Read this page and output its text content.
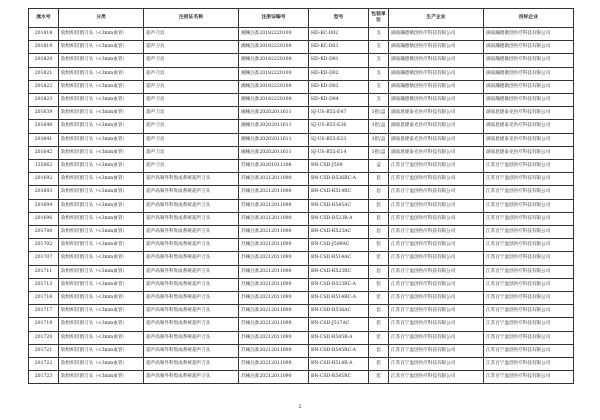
流水号	分类	注册证名称	注册证编号	型号	包装单位	生产企业	投标企业
201818	软组织切割刀头（<3mm血管）	超声刀具	湘械注准20182220100	HD-KC-D02	支	湖南瀚德微创医疗科技有限公司	湖南瀚德微创医疗科技有限公司
201819	软组织切割刀头（<3mm血管）	超声刀具	湘械注准20182220100	HD-KC-D03	支	湖南瀚德微创医疗科技有限公司	湖南瀚德微创医疗科技有限公司
201820	软组织切割刀头（<3mm血管）	超声刀具	湘械注准20182220100	HD-KD-D01	支	湖南瀚德微创医疗科技有限公司	湖南瀚德微创医疗科技有限公司
201821	软组织切割刀头（<3mm血管）	超声刀具	湘械注准20182220100	HD-KD-D02	支	湖南瀚德微创医疗科技有限公司	湖南瀚德微创医疗科技有限公司
201822	软组织切割刀头（<3mm血管）	超声刀具	湘械注准20182220100	HD-KD-D03	支	湖南瀚德微创医疗科技有限公司	湖南瀚德微创医疗科技有限公司
201823	软组织切割刀头（<3mm血管）	超声刀具	湘械注准20182220100	HD-KD-D04	支	湖南瀚德微创医疗科技有限公司	湖南瀚德微创医疗科技有限公司
201639	软组织切割刀头（<3mm血管）	超声刀具	湘械注准20202011611	SJ-US-B55-E47	1把/盒	湖南思捷泰克医疗科技有限公司	湖南思捷泰克医疗科技有限公司
201640	软组织切割刀头（<3mm血管）	超声刀具	湘械注准20202011611	SJ-US-B55-E36	1把/盒	湖南思捷泰克医疗科技有限公司	湖南思捷泰克医疗科技有限公司
201641	软组织切割刀头（<3mm血管）	超声刀具	湘械注准20202011611	SJ-US-B55-E23	1把/盒	湖南思捷泰克医疗科技有限公司	湖南思捷泰克医疗科技有限公司
201642	软组织切割刀头（<3mm血管）	超声刀具	湘械注准20202011611	SJ-US-B55-E14	1把/盒	湖南思捷泰克医疗科技有限公司	湖南思捷泰克医疗科技有限公司
135062	软组织切割刀头（<3mm血管）	超声刀具	苏械注准20201011306	BN-CSD-J509	盒	江苏百宁盈创医疗科技有限公司	江苏百宁盈创医疗科技有限公司
201692	软组织切割刀头（<3mm血管）	超声高频外科集成系统超声刀头	苏械注准20212011090	BN-CSD-R536RC-A	套	江苏百宁盈创医疗科技有限公司	江苏百宁盈创医疗科技有限公司
201693	软组织切割刀头（<3mm血管）	超声高频外科集成系统超声刀头	苏械注准20212011090	BN-CSD-R514RC	套	江苏百宁盈创医疗科技有限公司	江苏百宁盈创医疗科技有限公司
201694	软组织切割刀头（<3mm血管）	超声高频外科集成系统超声刀头	苏械注准20212011090	BN-CSD-R545AC	套	江苏百宁盈创医疗科技有限公司	江苏百宁盈创医疗科技有限公司
201696	软组织切割刀头（<3mm血管）	超声高频外科集成系统超声刀头	苏械注准20212011090	BN-CSD-R523R-A	套	江苏百宁盈创医疗科技有限公司	江苏百宁盈创医疗科技有限公司
201700	软组织切割刀头（<3mm血管）	超声高频外科集成系统超声刀头	苏械注准20212011090	BN-CSD-R523AC	套	江苏百宁盈创医疗科技有限公司	江苏百宁盈创医疗科技有限公司
201702	软组织切割刀头（<3mm血管）	超声高频外科集成系统超声刀头	苏械注准20212011090	BN-CSD-J509AC	套	江苏百宁盈创医疗科技有限公司	江苏百宁盈创医疗科技有限公司
201707	软组织切割刀头（<3mm血管）	超声高频外科集成系统超声刀头	苏械注准20212011090	BN-CSD-R514AC	套	江苏百宁盈创医疗科技有限公司	江苏百宁盈创医疗科技有限公司
201711	软组织切割刀头（<3mm血管）	超声高频外科集成系统超声刀头	苏械注准20212011090	BN-CSD-R523RC	套	江苏百宁盈创医疗科技有限公司	江苏百宁盈创医疗科技有限公司
201713	软组织切割刀头（<3mm血管）	超声高频外科集成系统超声刀头	苏械注准20212011090	BN-CSD-R523RC-A	套	江苏百宁盈创医疗科技有限公司	江苏百宁盈创医疗科技有限公司
201716	软组织切割刀头（<3mm血管）	超声高频外科集成系统超声刀头	苏械注准20212011090	BN-CSD-R514RC-A	套	江苏百宁盈创医疗科技有限公司	江苏百宁盈创医疗科技有限公司
201717	软组织切割刀头（<3mm血管）	超声高频外科集成系统超声刀头	苏械注准20212011090	BN-CSD-R536AC	套	江苏百宁盈创医疗科技有限公司	江苏百宁盈创医疗科技有限公司
201719	软组织切割刀头（<3mm血管）	超声高频外科集成系统超声刀头	苏械注准20212011090	BN-CSD-J517AC	套	江苏百宁盈创医疗科技有限公司	江苏百宁盈创医疗科技有限公司
201720	软组织切割刀头（<3mm血管）	超声高频外科集成系统超声刀头	苏械注准20212011090	BN-CSD-R545R-A	套	江苏百宁盈创医疗科技有限公司	江苏百宁盈创医疗科技有限公司
201721	软组织切割刀头（<3mm血管）	超声高频外科集成系统超声刀头	苏械注准20212011090	BN-CSD-R545RC-A	套	江苏百宁盈创医疗科技有限公司	江苏百宁盈创医疗科技有限公司
201722	软组织切割刀头（<3mm血管）	超声高频外科集成系统超声刀头	苏械注准20212011090	BN-CSD-R514R-A	套	江苏百宁盈创医疗科技有限公司	江苏百宁盈创医疗科技有限公司
201723	软组织切割刀头（<3mm血管）	超声高频外科集成系统超声刀头	苏械注准20212011090	BN-CSD-R545RC	套	江苏百宁盈创医疗科技有限公司	江苏百宁盈创医疗科技有限公司
2
